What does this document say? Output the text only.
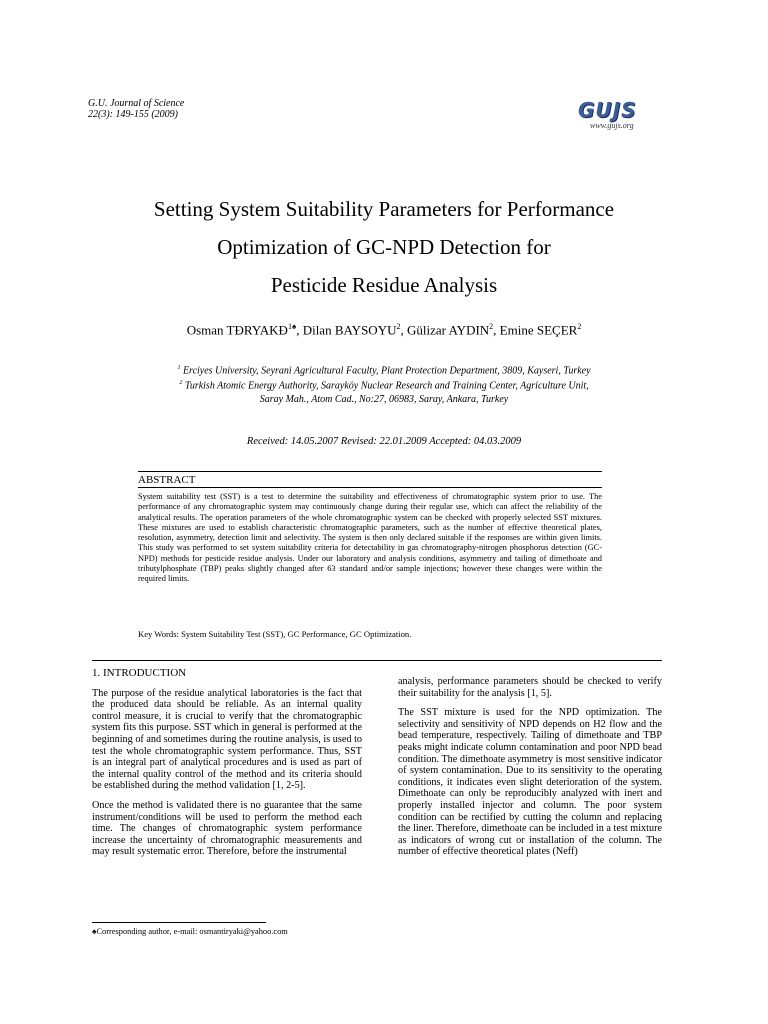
G.U. Journal of Science
22(3): 149-155 (2009)	GUJS
www.gujs.org
Setting System Suitability Parameters for Performance
Optimization of GC-NPD Detection for
Pesticide Residue Analysis
Osman $TĐRYAKĐ^{1♠}$, Dilan BAYSOYU$^2$, Gülizar AYDIN$^2$, Emine SEÇER$^2$
$^1$ Erciyes University, Seyrani Agricultural Faculty, Plant Protection Department, 3809, Kayseri, Turkey
$^2$ Turkish Atomic Energy Authority, Sarayköy Nuclear Research and Training Center, Agriculture Unit,
Saray Mah., Atom Cad., No:27, 06983, Saray, Ankara, Turkey
Received: 14.05.2007 Revised: 22.01.2009 Accepted: 04.03.2009
ABSTRACT
System suitability test (SST) is a test to determine the suitability and effectiveness of chromatographic system prior to use. The performance of any chromatographic system may continuously change during their regular use, which can affect the reliability of the analytical results. The operation parameters of the whole chromatographic system can be checked with properly selected SST mixtures. These mixtures are used to establish characteristic chromatographic parameters, such as the number of effective theoretical plates, resolution, asymmetry, detection limit and selectivity. The system is then only declared suitable if the responses are within given limits. This study was performed to set system suitability criteria for detectability in gas chromatography-nitrogen phosphorus detection (GC-NPD) methods for pesticide residue analysis. Under our laboratory and analysis conditions, asymmetry and tailing of dimethoate and tributylphosphate (TBP) peaks slightly changed after 63 standard and/or sample injections; however these changes were within the required limits.
Key Words: System Suitability Test (SST), GC Performance, GC Optimization.
1. INTRODUCTION

The purpose of the residue analytical laboratories is the fact that the produced data should be reliable. As an internal quality control measure, it is crucial to verify that the chromatographic system fits this purpose. SST which in general is performed at the beginning of and sometimes during the routine analysis, is used to test the whole chromatographic system performance. Thus, SST is an integral part of analytical procedures and is used as part of the internal quality control of the method and its criteria should be established during the method validation [1, 2-5].

Once the method is validated there is no guarantee that the same instrument/conditions will be used to perform the method each time. The changes of chromatographic system performance increase the uncertainty of chromatographic measurements and may result systematic error. Therefore, before the instrumental

analysis, performance parameters should be checked to verify their suitability for the analysis [1, 5].

The SST mixture is used for the NPD optimization. The selectivity and sensitivity of NPD depends on H2 flow and the bead temperature, respectively. Tailing of dimethoate and TBP peaks might indicate column contamination and poor NPD bead condition. The dimethoate asymmetry is most sensitive indicator of system contamination. Due to its sensitivity to the operating conditions, it indicates even slight deterioration of the system. Dimethoate can only be reproducibly analyzed with inert and properly installed injector and column. The poor system condition can be rectified by cutting the column and replacing the liner. Therefore, dimethoate can be included in a test mixture as indicators of wrong cut or installation of the column. The number of effective theoretical plates (Neff)

♠Corresponding author, e-mail: osmantiryaki@yahoo.com
